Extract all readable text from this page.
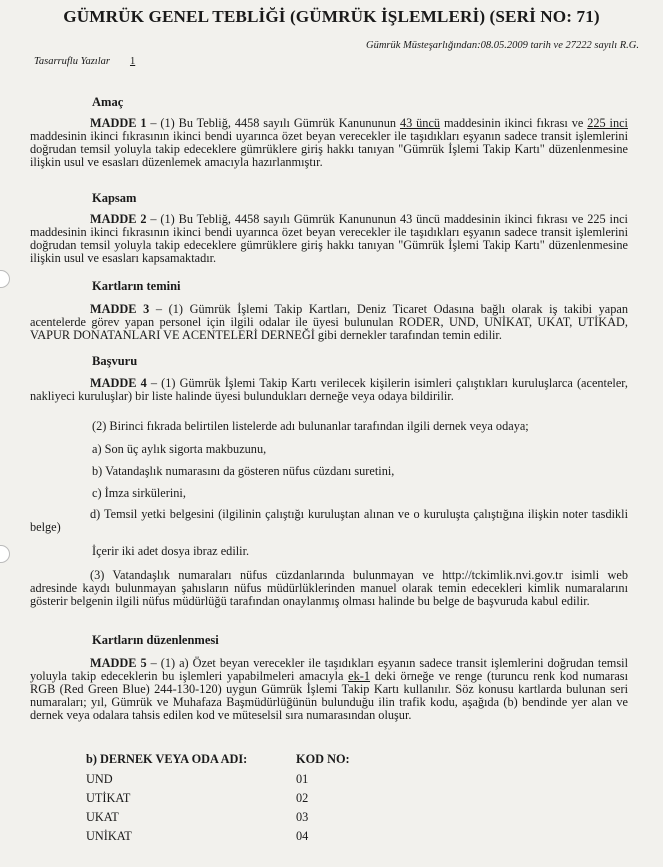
GÜMRÜK GENEL TEBLİĞİ (GÜMRÜK İŞLEMLERİ) (SERİ NO: 71)
Gümrük Müsteşarlığından:08.05.2009 tarih ve 27222 sayılı R.G.
Tasarruflu Yazılar 1
Amaç
MADDE 1 – (1) Bu Tebliğ, 4458 sayılı Gümrük Kanununun 43 üncü maddesinin ikinci fıkrası ve 225 inci maddesinin ikinci fıkrasının ikinci bendi uyarınca özet beyan verecekler ile taşıdıkları eşyanın sadece transit işlemlerini doğrudan temsil yoluyla takip edeceklere gümrüklere giriş hakkı tanıyan "Gümrük İşlemi Takip Kartı" düzenlenmesine ilişkin usul ve esasları düzenlemek amacıyla hazırlanmıştır.
Kapsam
MADDE 2 – (1) Bu Tebliğ, 4458 sayılı Gümrük Kanununun 43 üncü maddesinin ikinci fıkrası ve 225 inci maddesinin ikinci fıkrasının ikinci bendi uyarınca özet beyan verecekler ile taşıdıkları eşyanın sadece transit işlemlerini doğrudan temsil yoluyla takip edeceklere gümrüklere giriş hakkı tanıyan "Gümrük İşlemi Takip Kartı" düzenlenmesine ilişkin usul ve esasları kapsamaktadır.
Kartların temini
MADDE 3 – (1) Gümrük İşlemi Takip Kartları, Deniz Ticaret Odasına bağlı olarak iş takibi yapan acentelerde görev yapan personel için ilgili odalar ile üyesi bulunulan RODER, UND, UNİKAT, UKAT, UTİKAD, VAPUR DONATANLARI VE ACENTELERİ DERNEĞİ gibi dernekler tarafından temin edilir.
Başvuru
MADDE 4 – (1) Gümrük İşlemi Takip Kartı verilecek kişilerin isimleri çalıştıkları kuruluşlarca (acenteler, nakliyeci kuruluşlar) bir liste halinde üyesi bulundukları derneğe veya odaya bildirilir.
(2) Birinci fıkrada belirtilen listelerde adı bulunanlar tarafından ilgili dernek veya odaya;
a) Son üç aylık sigorta makbuzunu,
b) Vatandaşlık numarasını da gösteren nüfus cüzdanı suretini,
c) İmza sirkülerini,
d) Temsil yetki belgesini (ilgilinin çalıştığı kuruluştan alınan ve o kuruluşta çalıştığına ilişkin noter tasdikli belge)
İçerir iki adet dosya ibraz edilir.
(3) Vatandaşlık numaraları nüfus cüzdanlarında bulunmayan ve http://tckimlik.nvi.gov.tr isimli web adresinde kaydı bulunmayan şahısların nüfus müdürlüklerinden manuel olarak temin edecekleri kimlik numaralarını gösterir belgenin ilgili nüfus müdürlüğü tarafından onaylanmış olması halinde bu belge de başvuruda kabul edilir.
Kartların düzenlenmesi
MADDE 5 – (1) a) Özet beyan verecekler ile taşıdıkları eşyanın sadece transit işlemlerini doğrudan temsil yoluyla takip edeceklerin bu işlemleri yapabilmeleri amacıyla ek-1 deki örneğe ve renge (turuncu renk kod numarası RGB (Red Green Blue) 244-130-120) uygun Gümrük İşlemi Takip Kartı kullanılır. Söz konusu kartlarda bulunan seri numaraları; yıl, Gümrük ve Muhafaza Başmüdürlüğünün bulunduğu ilin trafik kodu, aşağıda (b) bendinde yer alan ve dernek veya odalara tahsis edilen kod ve müteselsil sıra numarasından oluşur.
b) DERNEK VEYA ODA ADI:	KOD NO:
UND	01
UTİKAT	02
UKAT	03
UNİKAT	04
